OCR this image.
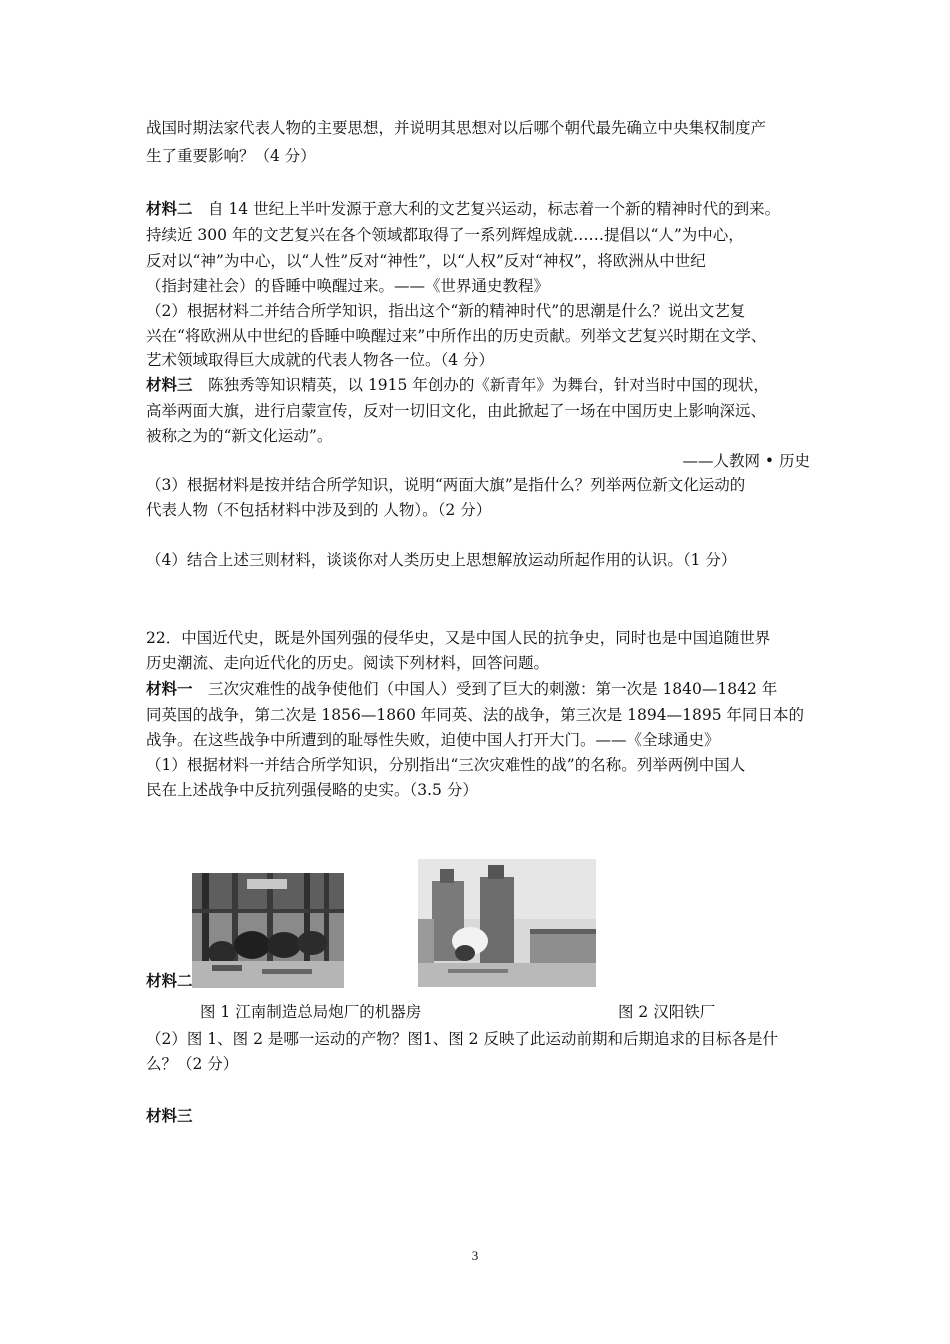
战国时期法家代表人物的主要思想，并说明其思想对以后哪个朝代最先确立中央集权制度产
生了重要影响？（4 分）
材料二　自 14 世纪上半叶发源于意大利的文艺复兴运动，标志着一个新的精神时代的到来。
持续近 300 年的文艺复兴在各个领域都取得了一系列辉煌成就……提倡以“人”为中心，
反对以“神”为中心，以“人性”反对“神性”，以“人权”反对“神权”，将欧洲从中世纪
（指封建社会）的昏睡中唤醒过来。——《世界通史教程》
（2）根据材料二并结合所学知识，指出这个“新的精神时代”的思潮是什么？说出文艺复
兴在“将欧洲从中世纪的昏睡中唤醒过来”中所作出的历史贡献。列举文艺复兴时期在文学、
艺术领域取得巨大成就的代表人物各一位。（4 分）
材料三　陈独秀等知识精英，以 1915 年创办的《新青年》为舞台，针对当时中国的现状，
高举两面大旗，进行启蒙宣传，反对一切旧文化，由此掀起了一场在中国历史上影响深远、
被称之为的“新文化运动”。
——人教网 • 历史
（3）根据材料是按并结合所学知识，说明“两面大旗”是指什么？列举两位新文化运动的
代表人物（不包括材料中涉及到的 人物）。（2 分）
（4）结合上述三则材料，谈谈你对人类历史上思想解放运动所起作用的认识。（1 分）
22．中国近代史，既是外国列强的侵华史，又是中国人民的抗争史，同时也是中国追随世界
历史潮流、走向近代化的历史。阅读下列材料，回答问题。
材料一　三次灾难性的战争使他们（中国人）受到了巨大的刺激：第一次是 1840—1842 年
同英国的战争，第二次是 1856—1860 年同英、法的战争，第三次是 1894—1895 年同日本的
战争。在这些战争中所遭到的耻辱性失败，迫使中国人打开大门。——《全球通史》
（1）根据材料一并结合所学知识，分别指出“三次灾难性的战”的名称。列举两例中国人
民在上述战争中反抗列强侵略的史实。（3.5 分）
材料二
图 1 江南制造总局炮厂的机器房	图 2 汉阳铁厂
（2）图 1、图 2 是哪一运动的产物？图1、图 2 反映了此运动前期和后期追求的目标各是什
么？（2 分）
材料三
3
